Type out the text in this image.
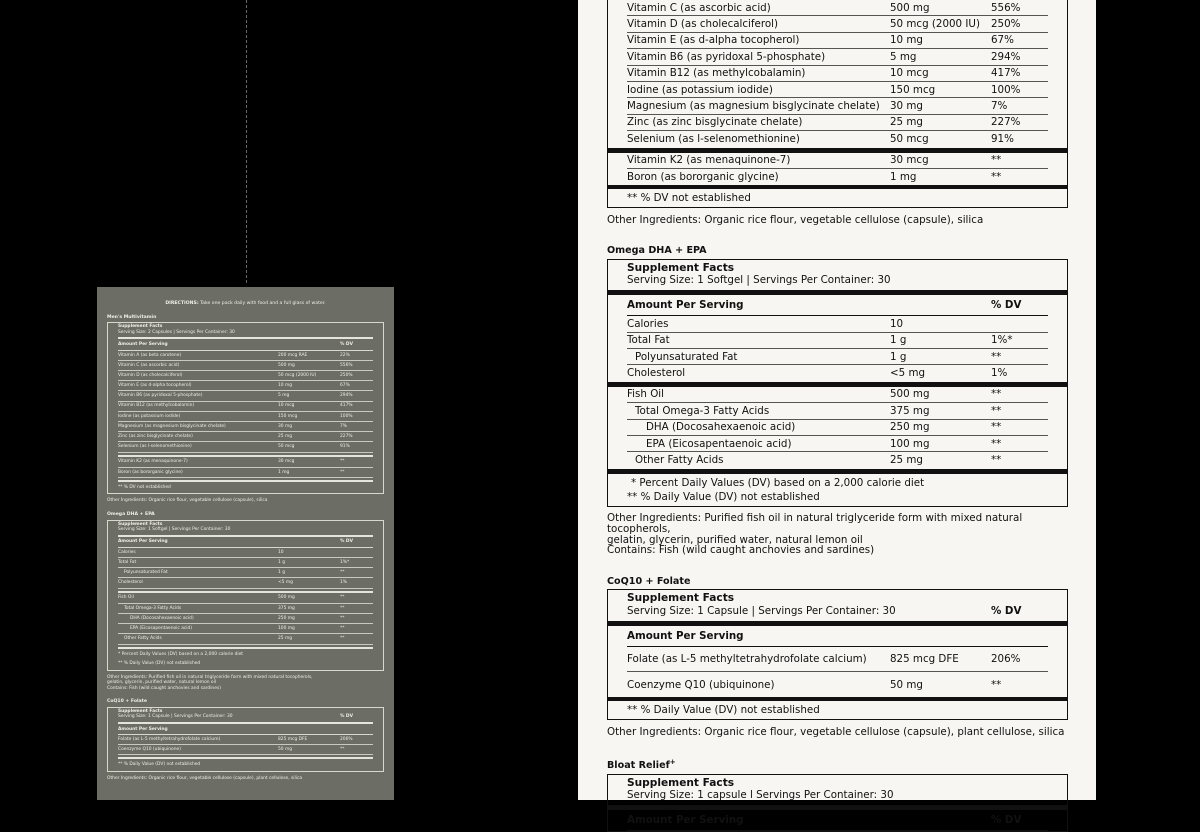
DIRECTIONS: Take one pack daily with food and a full glass of water.
Men's Multivitamin
Supplement Facts
Serving Size: 2 Capsules | Servings Per Container: 30
Amount Per Serving	% DV
Vitamin A (as beta carotene)	200 mcg RAE	22%
Vitamin C (as ascorbic acid)	500 mg	556%
Vitamin D (as cholecalciferol)	50 mcg (2000 IU)	250%
Vitamin E (as d-alpha tocopherol)	10 mg	67%
Vitamin B6 (as pyridoxal 5-phosphate)	5 mg	294%
Vitamin B12 (as methylcobalamin)	10 mcg	417%
Iodine (as potassium iodide)	150 mcg	100%
Magnesium (as magnesium bisglycinate chelate)	30 mg	7%
Zinc (as zinc bisglycinate chelate)	25 mg	227%
Selenium (as l-selenomethionine)	50 mcg	91%
Vitamin K2 (as menaquinone-7)	30 mcg	**
Boron (as bororganic glycine)	1 mg	**
** % DV not established
Other Ingredients: Organic rice flour, vegetable cellulose (capsule), silica
Omega DHA + EPA
Supplement Facts
Serving Size: 1 Softgel | Servings Per Container: 30
Amount Per Serving	% DV
Calories	10
Total Fat	1 g	1%*
Polyunsaturated Fat	1 g	**
Cholesterol	<5 mg	1%
Fish Oil	500 mg	**
Total Omega-3 Fatty Acids	375 mg	**
DHA (Docosahexaenoic acid)	250 mg	**
EPA (Eicosapentaenoic acid)	100 mg	**
Other Fatty Acids	25 mg	**
* Percent Daily Values (DV) based on a 2,000 calorie diet
** % Daily Value (DV) not established
Other Ingredients: Purified fish oil in natural triglyceride form with mixed natural tocopherols,
gelatin, glycerin, purified water, natural lemon oil
Contains: Fish (wild caught anchovies and sardines)
CoQ10 + Folate
Supplement Facts
Serving Size: 1 Capsule | Servings Per Container: 30	% DV
Amount Per Serving
Folate (as L-5 methyltetrahydrofolate calcium)	825 mcg DFE	206%
Coenzyme Q10 (ubiquinone)	50 mg	**
** % Daily Value (DV) not established
Other Ingredients: Organic rice flour, vegetable cellulose (capsule), plant cellulose, silica
Vitamin C (as ascorbic acid)	500 mg	556%
Vitamin D (as cholecalciferol)	50 mcg (2000 IU)	250%
Vitamin E (as d-alpha tocopherol)	10 mg	67%
Vitamin B6 (as pyridoxal 5-phosphate)	5 mg	294%
Vitamin B12 (as methylcobalamin)	10 mcg	417%
Iodine (as potassium iodide)	150 mcg	100%
Magnesium (as magnesium bisglycinate chelate) 30 mg	7%
Zinc (as zinc bisglycinate chelate)	25 mg	227%
Selenium (as l-selenomethionine)	50 mcg	91%
Vitamin K2 (as menaquinone-7)	30 mcg	**
Boron (as bororganic glycine)	1 mg	**
** % DV not established
Other Ingredients: Organic rice flour, vegetable cellulose (capsule), silica
Omega DHA + EPA
Supplement Facts
Serving Size: 1 Softgel | Servings Per Container: 30
Amount Per Serving	% DV
Calories	10
Total Fat	1 g	1%*
Polyunsaturated Fat	1 g	**
Cholesterol	<5 mg	1%
Fish Oil	500 mg	**
Total Omega-3 Fatty Acids	375 mg	**
DHA (Docosahexaenoic acid)	250 mg	**
EPA (Eicosapentaenoic acid)	100 mg	**
Other Fatty Acids	25 mg	**
* Percent Daily Values (DV) based on a 2,000 calorie diet
** % Daily Value (DV) not established
Other Ingredients: Purified fish oil in natural triglyceride form with mixed natural tocopherols,
gelatin, glycerin, purified water, natural lemon oil
Contains: Fish (wild caught anchovies and sardines)
CoQ10 + Folate
Supplement Facts
Serving Size: 1 Capsule | Servings Per Container: 30	% DV
Amount Per Serving
Folate (as L-5 methyltetrahydrofolate calcium)	825 mcg DFE	206%
Coenzyme Q10 (ubiquinone)	50 mg	**
** % Daily Value (DV) not established
Other Ingredients: Organic rice flour, vegetable cellulose (capsule), plant cellulose, silica
Bloat Relief+
Supplement Facts
Serving Size: 1 capsule l Servings Per Container: 30
Amount Per Serving	% DV
